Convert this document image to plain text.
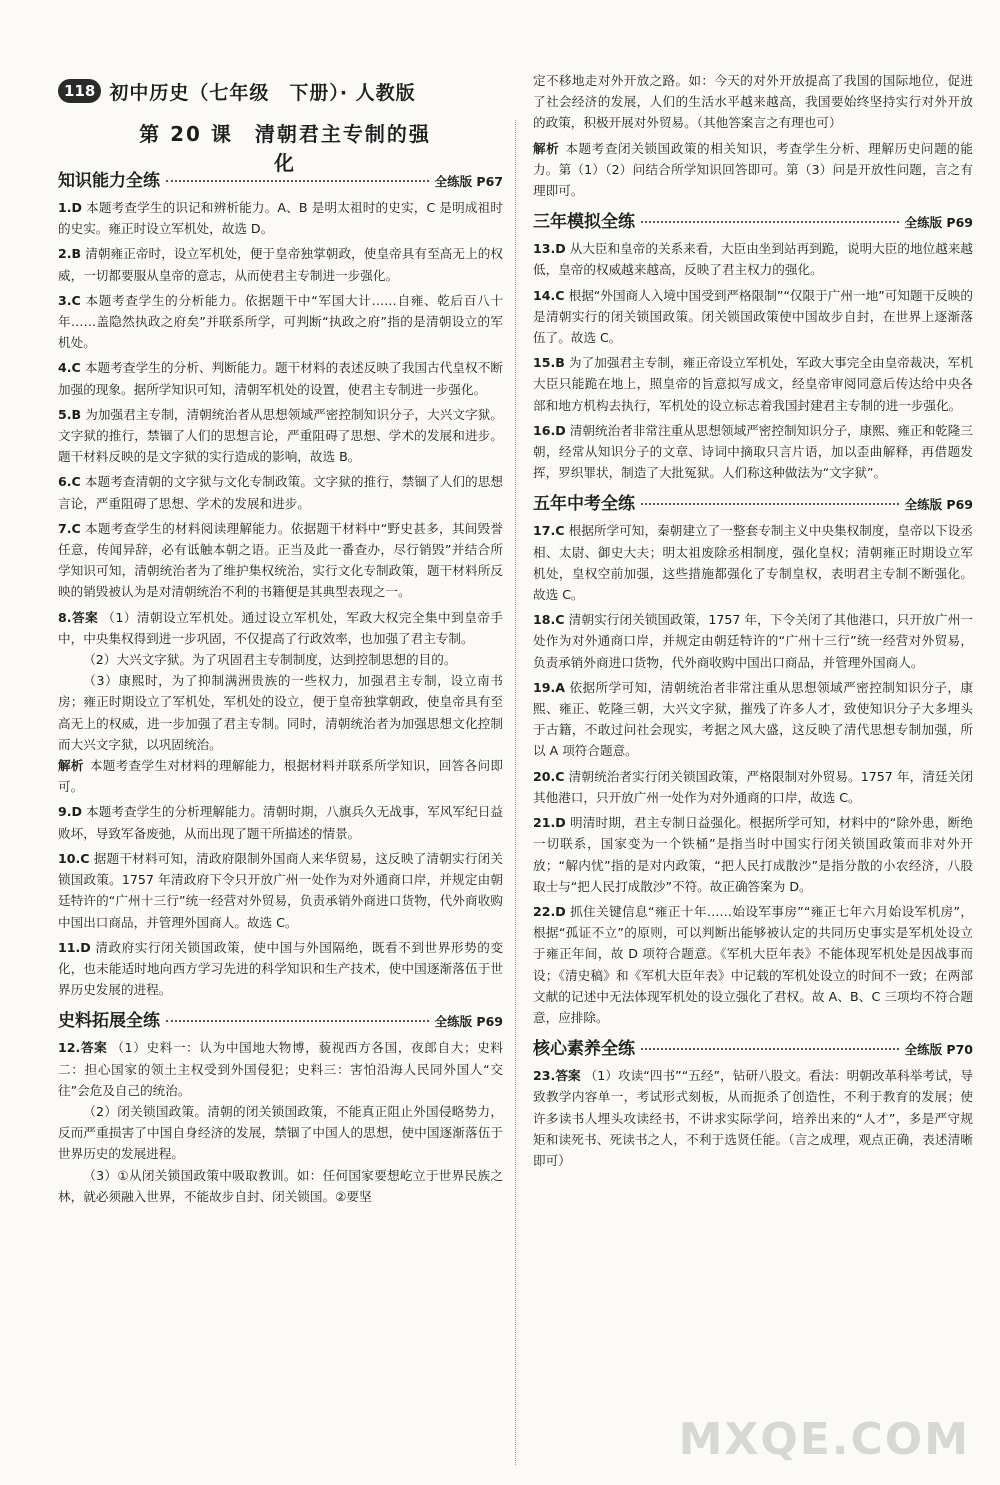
118 初中历史（七年级　下册）· 人教版
第 20 课　清朝君主专制的强化
知识能力全练	全练版 P67
1.D 本题考查学生的识记和辨析能力。A、B 是明太祖时的史实，C 是明成祖时的史实。雍正时设立军机处，故选 D。
2.B 清朝雍正帝时，设立军机处，便于皇帝独掌朝政，使皇帝具有至高无上的权威，一切都要服从皇帝的意志，从而使君主专制进一步强化。
3.C 本题考查学生的分析能力。依据题干中“军国大计……自雍、乾后百八十年……盖隐然执政之府矣”并联系所学，可判断“执政之府”指的是清朝设立的军机处。
4.C 本题考查学生的分析、判断能力。题干材料的表述反映了我国古代皇权不断加强的现象。据所学知识可知，清朝军机处的设置，使君主专制进一步强化。
5.B 为加强君主专制，清朝统治者从思想领域严密控制知识分子，大兴文字狱。文字狱的推行，禁锢了人们的思想言论，严重阻碍了思想、学术的发展和进步。题干材料反映的是文字狱的实行造成的影响，故选 B。
6.C 本题考查清朝的文字狱与文化专制政策。文字狱的推行，禁锢了人们的思想言论，严重阻碍了思想、学术的发展和进步。
7.C 本题考查学生的材料阅读理解能力。依据题干材料中“野史甚多，其间毁誉任意，传闻异辞，必有诋触本朝之语。正当及此一番查办，尽行销毁”并结合所学知识可知，清朝统治者为了维护集权统治，实行文化专制政策，题干材料所反映的销毁被认为是对清朝统治不利的书籍便是其典型表现之一。
8.答案 （1）清朝设立军机处。通过设立军机处，军政大权完全集中到皇帝手中，中央集权得到进一步巩固，不仅提高了行政效率，也加强了君主专制。
（2）大兴文字狱。为了巩固君主专制制度，达到控制思想的目的。
（3）康熙时，为了抑制满洲贵族的一些权力，加强君主专制，设立南书房；雍正时期设立了军机处，军机处的设立，便于皇帝独掌朝政，使皇帝具有至高无上的权威，进一步加强了君主专制。同时，清朝统治者为加强思想文化控制而大兴文字狱，以巩固统治。
解析 本题考查学生对材料的理解能力，根据材料并联系所学知识，回答各问即可。
9.D 本题考查学生的分析理解能力。清朝时期，八旗兵久无战事，军风军纪日益败坏，导致军备废弛，从而出现了题干所描述的情景。
10.C 据题干材料可知，清政府限制外国商人来华贸易，这反映了清朝实行闭关锁国政策。1757 年清政府下令只开放广州一处作为对外通商口岸，并规定由朝廷特许的“广州十三行”统一经营对外贸易，负责承销外商进口货物，代外商收购中国出口商品，并管理外国商人。故选 C。
11.D 清政府实行闭关锁国政策，使中国与外国隔绝，既看不到世界形势的变化，也未能适时地向西方学习先进的科学知识和生产技术，使中国逐渐落伍于世界历史发展的进程。
史料拓展全练	全练版 P69
12.答案 （1）史料一：认为中国地大物博，藐视西方各国，夜郎自大；史料二：担心国家的领土主权受到外国侵犯；史料三：害怕沿海人民同外国人“交往”会危及自己的统治。
（2）闭关锁国政策。清朝的闭关锁国政策，不能真正阻止外国侵略势力，反而严重损害了中国自身经济的发展，禁锢了中国人的思想，使中国逐渐落伍于世界历史的发展进程。
（3）①从闭关锁国政策中吸取教训。如：任何国家要想屹立于世界民族之林，就必须融入世界，不能故步自封、闭关锁国。②要坚
定不移地走对外开放之路。如：今天的对外开放提高了我国的国际地位，促进了社会经济的发展，人们的生活水平越来越高，我国要始终坚持实行对外开放的政策，积极开展对外贸易。（其他答案言之有理也可）
解析 本题考查闭关锁国政策的相关知识，考查学生分析、理解历史问题的能力。第（1）（2）问结合所学知识回答即可。第（3）问是开放性问题，言之有理即可。
三年模拟全练	全练版 P69
13.D 从大臣和皇帝的关系来看，大臣由坐到站再到跪，说明大臣的地位越来越低，皇帝的权威越来越高，反映了君主权力的强化。
14.C 根据“外国商人入境中国受到严格限制”“仅限于广州一地”可知题干反映的是清朝实行的闭关锁国政策。闭关锁国政策使中国故步自封，在世界上逐渐落伍了。故选 C。
15.B 为了加强君主专制，雍正帝设立军机处，军政大事完全由皇帝裁决，军机大臣只能跪在地上，照皇帝的旨意拟写成文，经皇帝审阅同意后传达给中央各部和地方机构去执行，军机处的设立标志着我国封建君主专制的进一步强化。
16.D 清朝统治者非常注重从思想领域严密控制知识分子，康熙、雍正和乾隆三朝，经常从知识分子的文章、诗词中摘取只言片语，加以歪曲解释，再借题发挥，罗织罪状，制造了大批冤狱。人们称这种做法为“文字狱”。
五年中考全练	全练版 P69
17.C 根据所学可知，秦朝建立了一整套专制主义中央集权制度，皇帝以下设丞相、太尉、御史大夫；明太祖废除丞相制度，强化皇权；清朝雍正时期设立军机处，皇权空前加强，这些措施都强化了专制皇权，表明君主专制不断强化。故选 C。
18.C 清朝实行闭关锁国政策，1757 年，下令关闭了其他港口，只开放广州一处作为对外通商口岸，并规定由朝廷特许的“广州十三行”统一经营对外贸易，负责承销外商进口货物，代外商收购中国出口商品，并管理外国商人。
19.A 依据所学可知，清朝统治者非常注重从思想领域严密控制知识分子，康熙、雍正、乾隆三朝，大兴文字狱，摧残了许多人才，致使知识分子大多埋头于古籍，不敢过问社会现实，考据之风大盛，这反映了清代思想专制加强，所以 A 项符合题意。
20.C 清朝统治者实行闭关锁国政策，严格限制对外贸易。1757 年，清廷关闭其他港口，只开放广州一处作为对外通商的口岸，故选 C。
21.D 明清时期，君主专制日益强化。根据所学可知，材料中的“除外患，断绝一切联系，国家变为一个铁桶”是指当时中国实行闭关锁国政策而非对外开放；“解内忧”指的是对内政策，“把人民打成散沙”是指分散的小农经济，八股取士与“把人民打成散沙”不符。故正确答案为 D。
22.D 抓住关键信息“雍正十年……始设军事房”“雍正七年六月始设军机房”，根据“孤证不立”的原则，可以判断出能够被认定的共同历史事实是军机处设立于雍正年间，故 D 项符合题意。《军机大臣年表》不能体现军机处是因战事而设；《清史稿》和《军机大臣年表》中记载的军机处设立的时间不一致；在两部文献的记述中无法体现军机处的设立强化了君权。故 A、B、C 三项均不符合题意，应排除。
核心素养全练	全练版 P70
23.答案 （1）攻读“四书”“五经”，钻研八股文。看法：明朝改革科举考试，导致教学内容单一，考试形式刻板，从而扼杀了创造性，不利于教育的发展；使许多读书人埋头攻读经书，不讲求实际学问，培养出来的“人才”，多是严守规矩和读死书、死读书之人，不利于选贤任能。（言之成理，观点正确，表述清晰即可）
MXQE.COM
